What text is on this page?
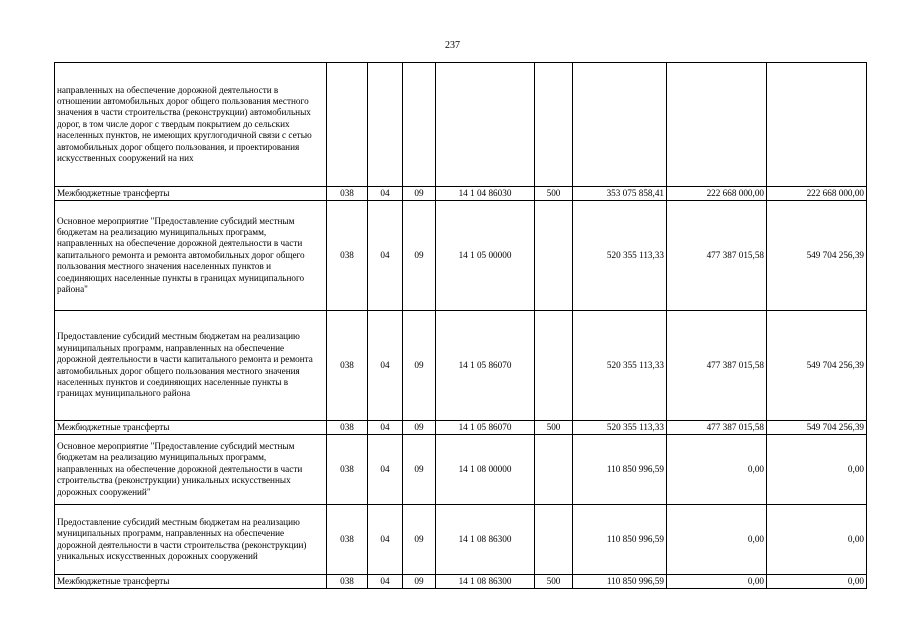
237
направленных на обеспечение дорожной деятельности в отношении автомобильных дорог общего пользования местного значения в части строительства (реконструкции) автомобильных дорог, в том числе дорог с твердым покрытием до сельских населенных пунктов, не имеющих круглогодичной связи с сетью автомобильных дорог общего пользования, и проектирования искусственных сооружений на них								
Межбюджетные трансферты	038	04	09	14 1 04 86030	500	353 075 858,41	222 668 000,00	222 668 000,00
Основное мероприятие "Предоставление субсидий местным бюджетам на реализацию муниципальных программ, направленных на обеспечение дорожной деятельности в части капитального ремонта и ремонта автомобильных дорог общего пользования местного значения населенных пунктов и соединяющих населенные пункты в границах муниципального района"	038	04	09	14 1 05 00000		520 355 113,33	477 387 015,58	549 704 256,39
Предоставление субсидий местным бюджетам на реализацию муниципальных программ, направленных на обеспечение дорожной деятельности в части капитального ремонта и ремонта автомобильных дорог общего пользования местного значения населенных пунктов и соединяющих населенные пункты в границах муниципального района	038	04	09	14 1 05 86070		520 355 113,33	477 387 015,58	549 704 256,39
Межбюджетные трансферты	038	04	09	14 1 05 86070	500	520 355 113,33	477 387 015,58	549 704 256,39
Основное мероприятие "Предоставление субсидий местным бюджетам на реализацию муниципальных программ, направленных на обеспечение дорожной деятельности в части строительства (реконструкции) уникальных искусственных дорожных сооружений"	038	04	09	14 1 08 00000		110 850 996,59	0,00	0,00
Предоставление субсидий местным бюджетам на реализацию муниципальных программ, направленных на обеспечение дорожной деятельности в части строительства (реконструкции) уникальных искусственных дорожных сооружений	038	04	09	14 1 08 86300		110 850 996,59	0,00	0,00
Межбюджетные трансферты	038	04	09	14 1 08 86300	500	110 850 996,59	0,00	0,00
